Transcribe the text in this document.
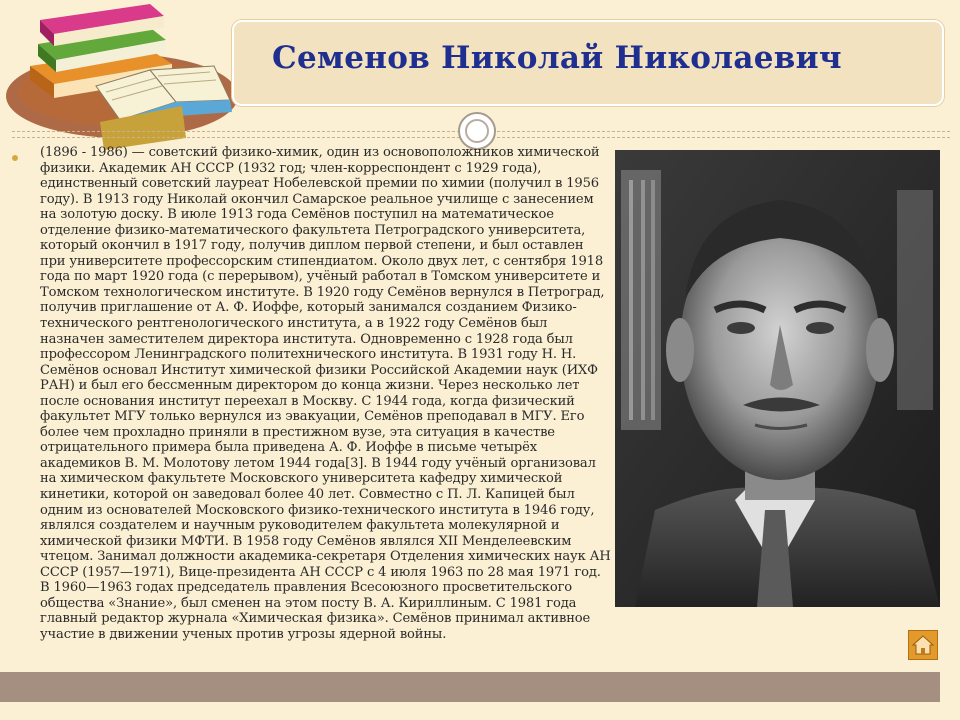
Семенов Николай Николаевич
(1896 - 1986) — советский физико-химик, один из основоположников химической физики. Академик АН СССР (1932 год; член-корреспондент с 1929 года), единственный советский лауреат Нобелевской премии по химии (получил в 1956 году). В 1913 году Николай окончил Самарское реальное училище с занесением на золотую доску. В июле 1913 года Семёнов поступил на математическое отделение физико-математического факультета Петроградского университета, который окончил в 1917 году, получив диплом первой степени, и был оставлен при университете профессорским стипендиатом. Около двух лет, с сентября 1918 года по март 1920 года (с перерывом), учёный работал в Томском университете и Томском технологическом институте. В 1920 году Семёнов вернулся в Петроград, получив приглашение от А. Ф. Иоффе, который занимался созданием Физико-технического рентгенологического института, а в 1922 году Семёнов был назначен заместителем директора института. Одновременно с 1928 года был профессором Ленинградского политехнического института. В 1931 году Н. Н. Семёнов основал Институт химической физики Российской Академии наук (ИХФ РАН) и был его бессменным директором до конца жизни. Через несколько лет после основания институт переехал в Москву. С 1944 года, когда физический факультет МГУ только вернулся из эвакуации, Семёнов преподавал в МГУ. Его более чем прохладно приняли в престижном вузе, эта ситуация в качестве отрицательного примера была приведена А. Ф. Иоффе в письме четырёх академиков В. М. Молотову летом 1944 года[3]. В 1944 году учёный организовал на химическом факультете Московского университета кафедру химической кинетики, которой он заведовал более 40 лет. Совместно с П. Л. Капицей был одним из основателей Московского физико-технического института в 1946 году, являлся создателем и научным руководителем факультета молекулярной и химической физики МФТИ. В 1958 году Семёнов являлся XII Менделеевским чтецом. Занимал должности академика-секретаря Отделения химических наук АН СССР (1957—1971), Вице-президента АН СССР с 4 июля 1963 по 28 мая 1971 год. В 1960—1963 годах председатель правления Всесоюзного просветительского общества «Знание», был сменен на этом посту В. А. Кириллиным. С 1981 года главный редактор журнала «Химическая физика». Семёнов принимал активное участие в движении ученых против угрозы ядерной войны.
